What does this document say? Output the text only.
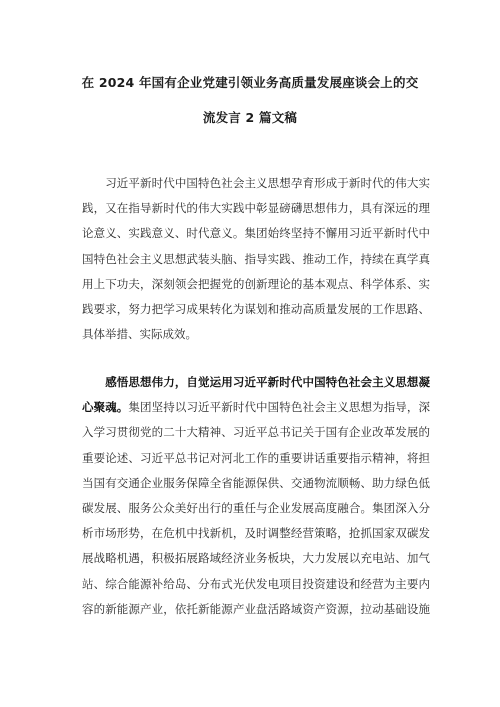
在 2024 年国有企业党建引领业务高质量发展座谈会上的交
流发言 2 篇文稿
　　习近平新时代中国特色社会主义思想孕育形成于新时代的伟大实
践，又在指导新时代的伟大实践中彰显磅礴思想伟力，具有深远的理
论意义、实践意义、时代意义。集团始终坚持不懈用习近平新时代中
国特色社会主义思想武装头脑、指导实践、推动工作，持续在真学真
用上下功夫，深刻领会把握党的创新理论的基本观点、科学体系、实
践要求，努力把学习成果转化为谋划和推动高质量发展的工作思路、
具体举措、实际成效。
　　感悟思想伟力，自觉运用习近平新时代中国特色社会主义思想凝
心聚魂。集团坚持以习近平新时代中国特色社会主义思想为指导，深
入学习贯彻党的二十大精神、习近平总书记关于国有企业改革发展的
重要论述、习近平总书记对河北工作的重要讲话重要指示精神，将担
当国有交通企业服务保障全省能源保供、交通物流顺畅、助力绿色低
碳发展、服务公众美好出行的重任与企业发展高度融合。集团深入分
析市场形势，在危机中找新机，及时调整经营策略，抢抓国家双碳发
展战略机遇，积极拓展路域经济业务板块，大力发展以充电站、加气
站、综合能源补给岛、分布式光伏发电项目投资建设和经营为主要内
容的新能源产业，依托新能源产业盘活路域资产资源，拉动基础设施
